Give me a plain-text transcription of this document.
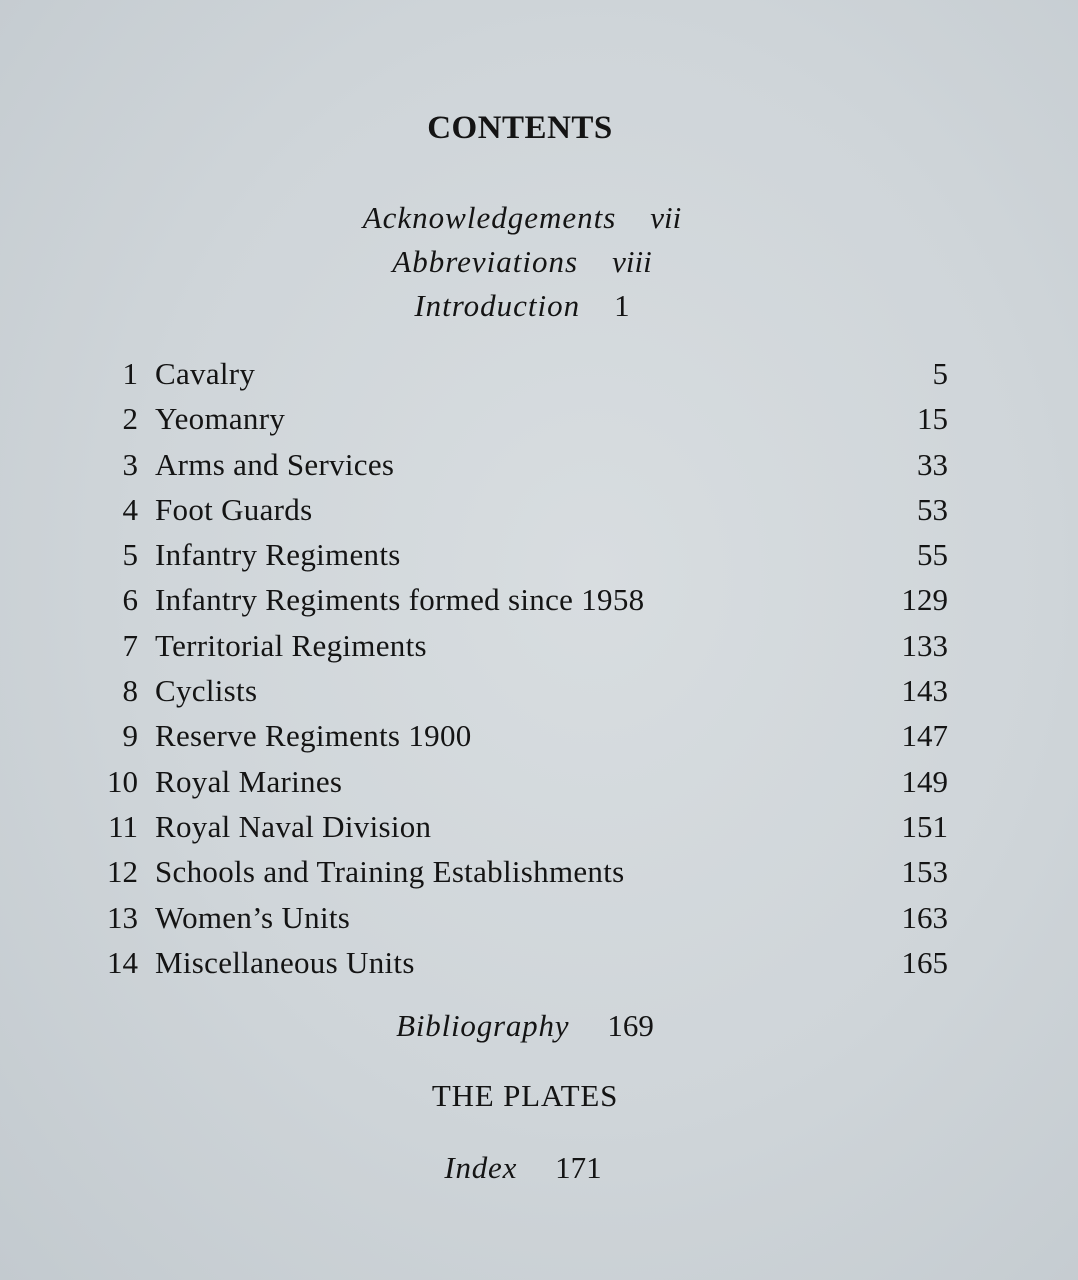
CONTENTS
Acknowledgements vii
Abbreviations viii
Introduction 1
1 Cavalry	5
2 Yeomanry	15
3 Arms and Services	33
4 Foot Guards	53
5 Infantry Regiments	55
6 Infantry Regiments formed since 1958	129
7 Territorial Regiments	133
8 Cyclists	143
9 Reserve Regiments 1900	147
10 Royal Marines	149
11 Royal Naval Division	151
12 Schools and Training Establishments	153
13 Women’s Units	163
14 Miscellaneous Units	165
Bibliography 169
THE PLATES
Index 171
